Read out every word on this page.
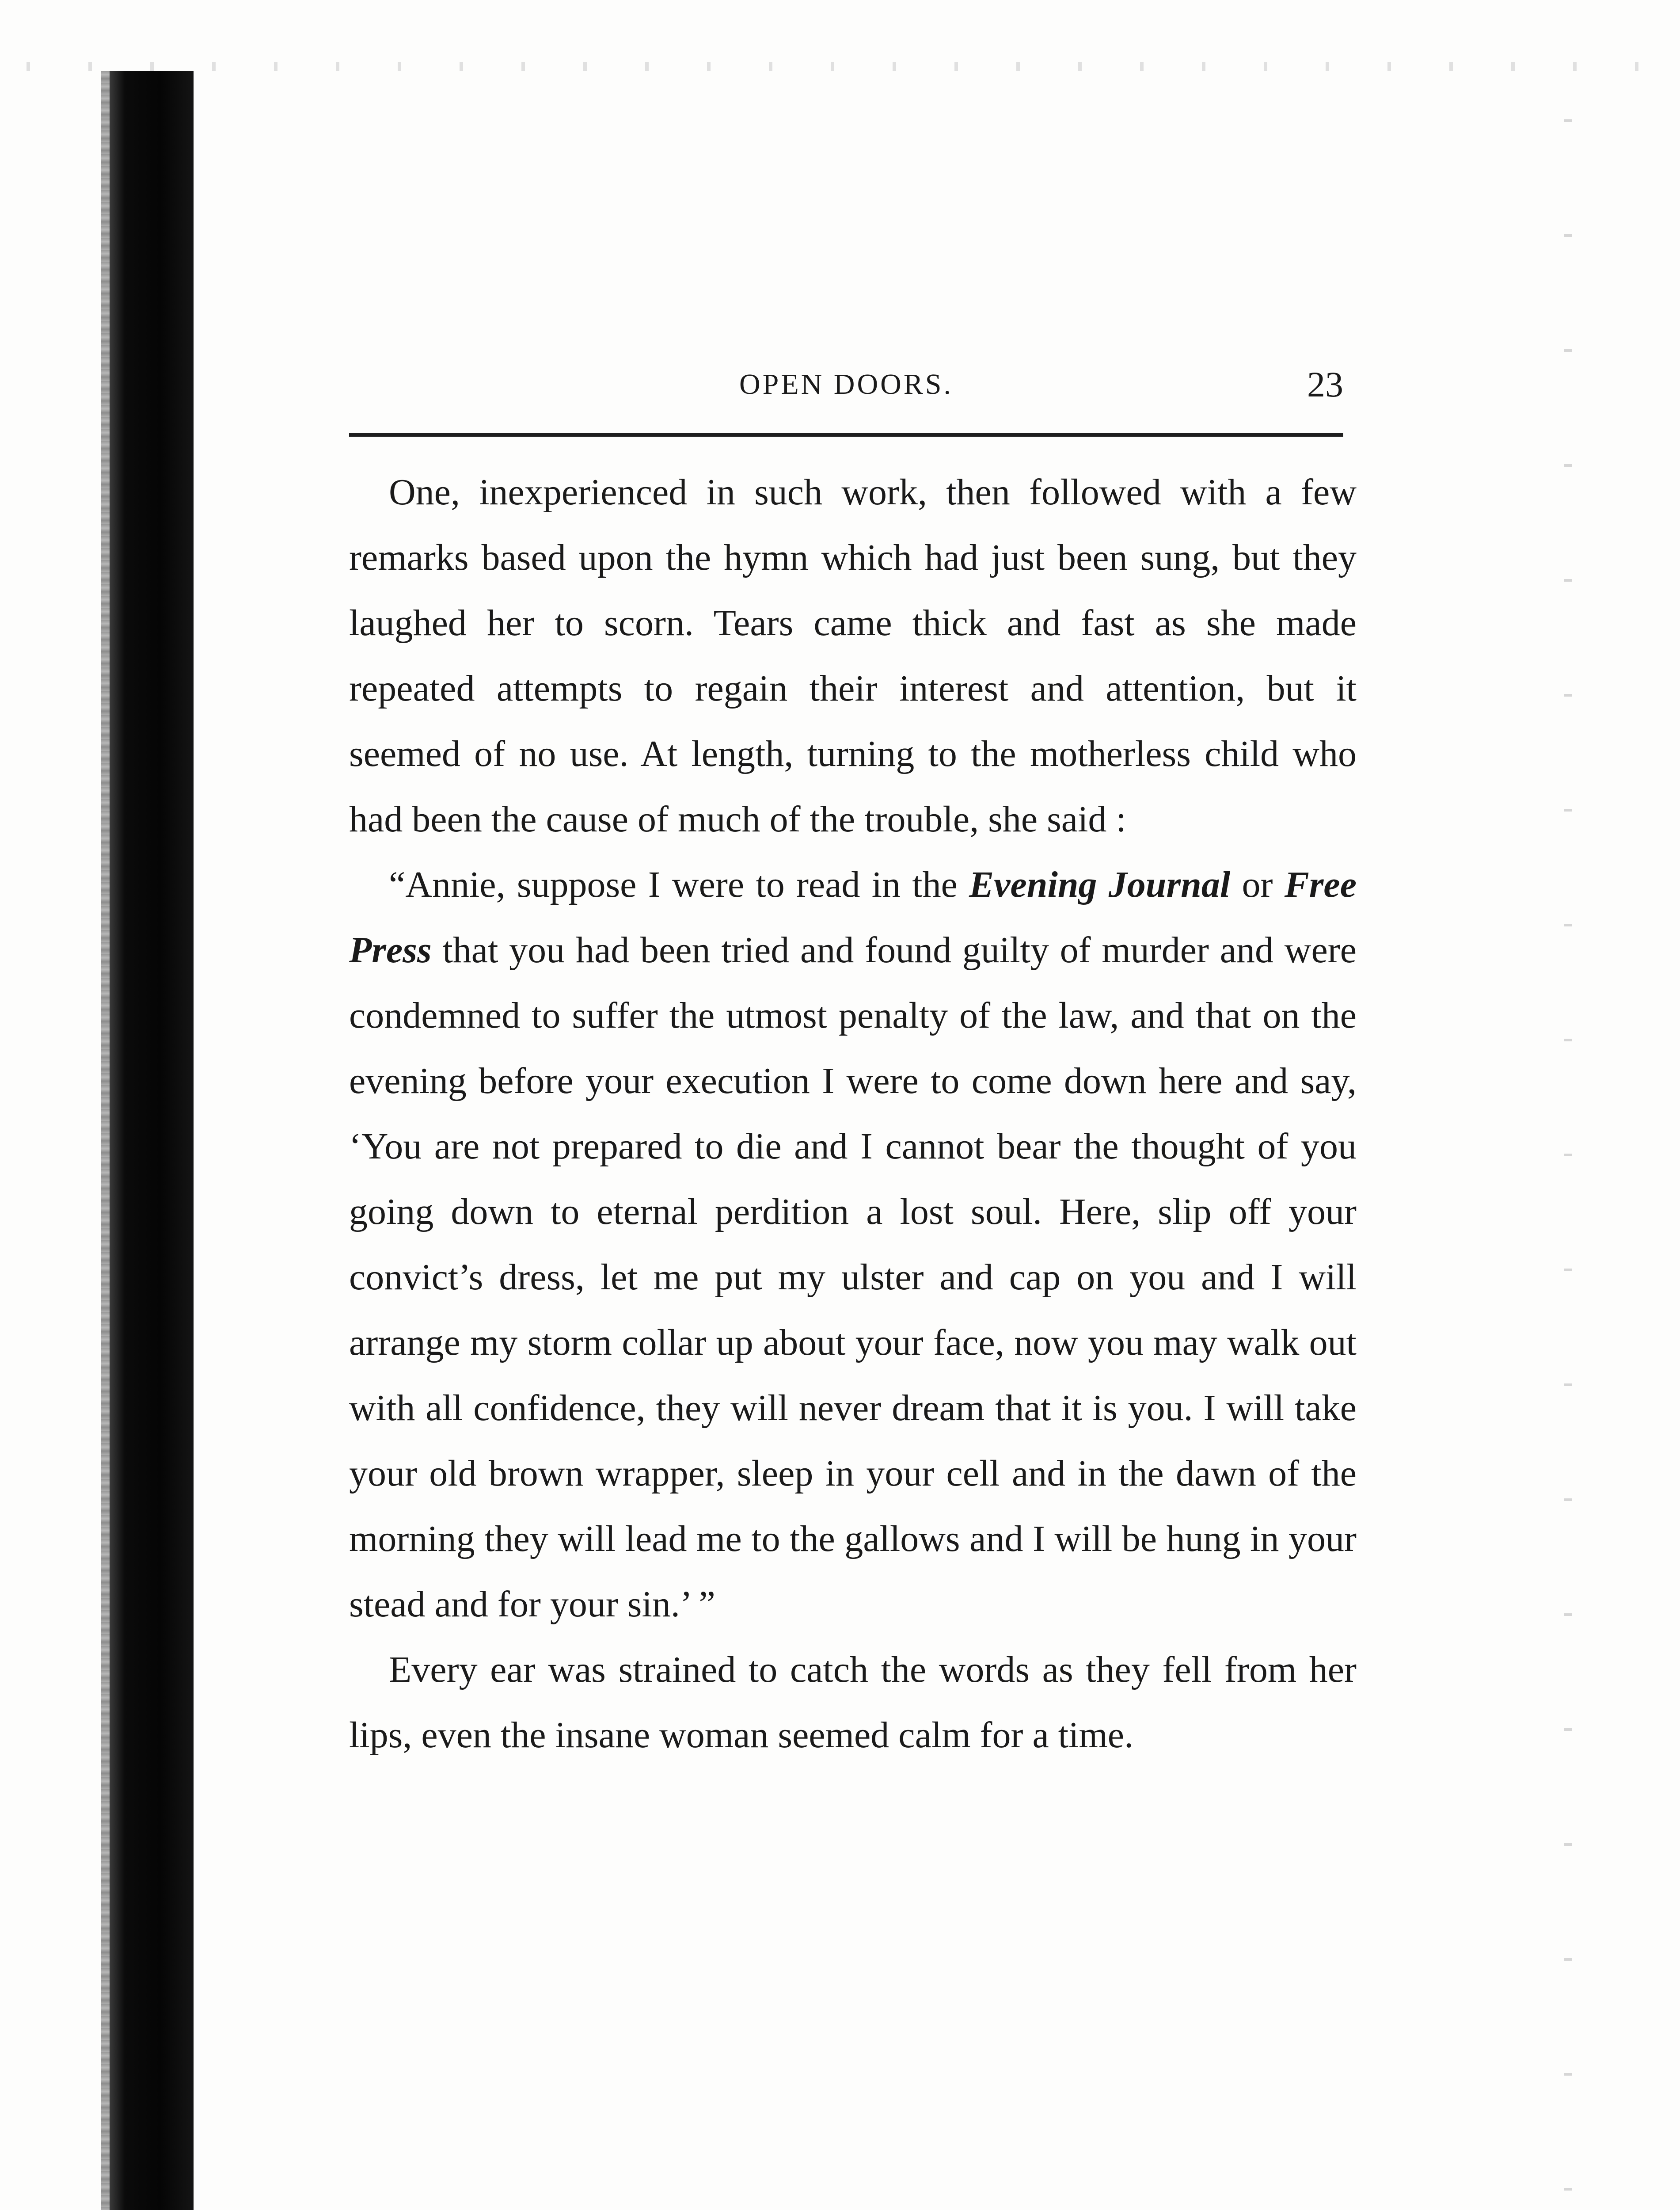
OPEN DOORS.	23

One, inexperienced in such work, then followed with a few remarks based upon the hymn which had just been sung, but they laughed her to scorn. Tears came thick and fast as she made repeated attempts to regain their interest and attention, but it seemed of no use. At length, turning to the motherless child who had been the cause of much of the trouble, she said :

“Annie, suppose I were to read in the Evening Journal or Free Press that you had been tried and found guilty of murder and were condemned to suffer the utmost penalty of the law, and that on the evening before your execution I were to come down here and say, ‘You are not prepared to die and I cannot bear the thought of you going down to eternal perdition a lost soul. Here, slip off your convict’s dress, let me put my ulster and cap on you and I will arrange my storm collar up about your face, now you may walk out with all confidence, they will never dream that it is you. I will take your old brown wrapper, sleep in your cell and in the dawn of the morning they will lead me to the gallows and I will be hung in your stead and for your sin.’ ”

Every ear was strained to catch the words as they fell from her lips, even the insane woman seemed calm for a time.
